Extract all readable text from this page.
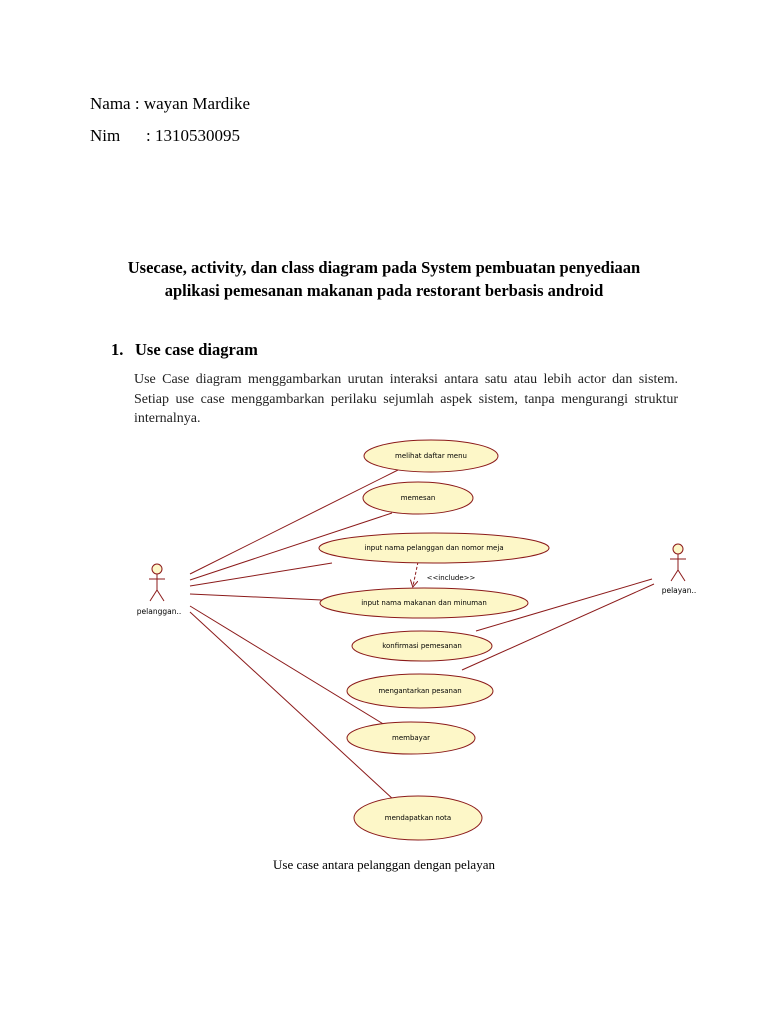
Nama : wayan Mardike
Nim : 1310530095
Usecase, activity, dan class diagram pada System pembuatan penyediaan
aplikasi pemesanan makanan pada restorant berbasis android
1. Use case diagram
Use Case diagram menggambarkan urutan interaksi antara satu atau lebih actor dan sistem. Setiap use case menggambarkan perilaku sejumlah aspek sistem, tanpa mengurangi struktur internalnya.
<<include>>
melihat daftar menu
memesan
input nama pelanggan dan nomor meja
input nama makanan dan minuman
konfirmasi pemesanan
mengantarkan pesanan
membayar
mendapatkan nota
pelanggan..
pelayan..
Use case antara pelanggan dengan pelayan
